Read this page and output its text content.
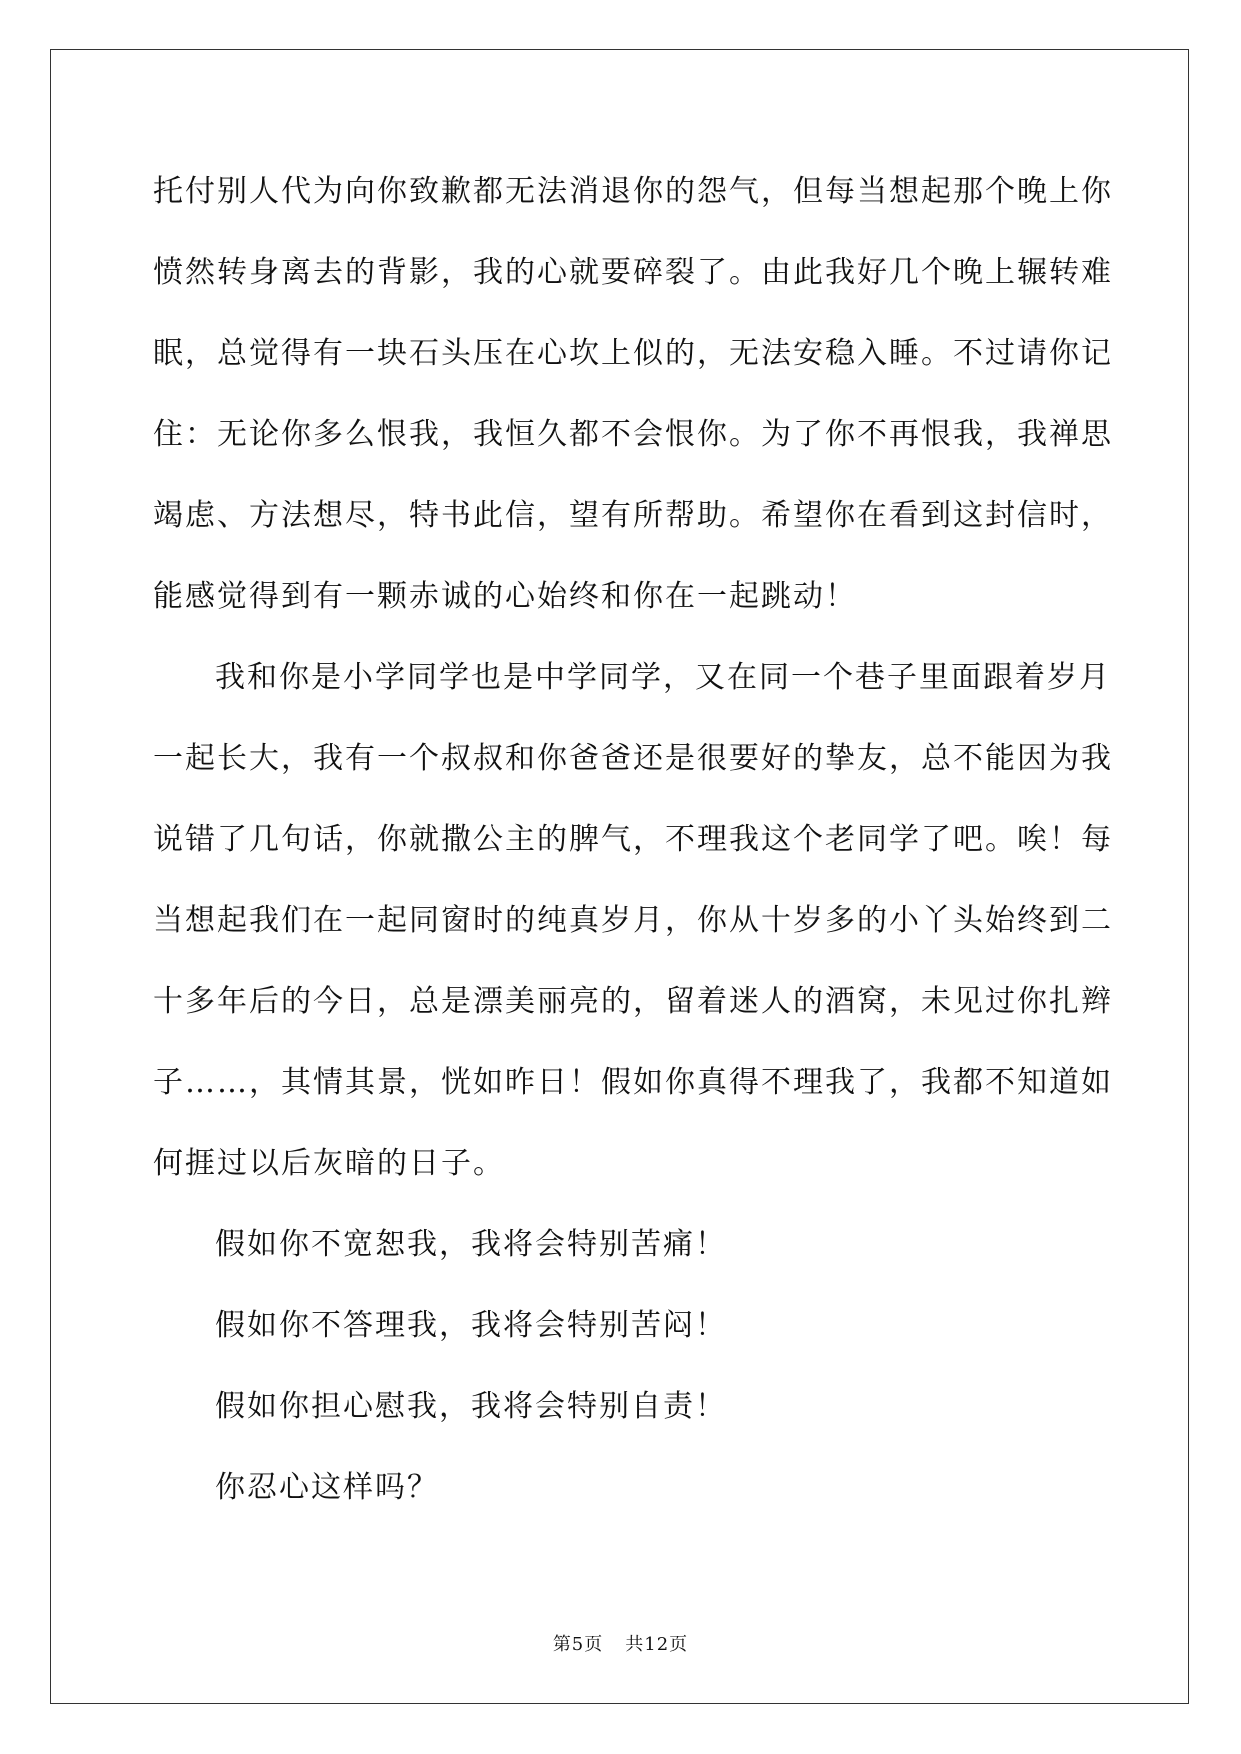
托付别人代为向你致歉都无法消退你的怨气，但每当想起那个晚上你
愤然转身离去的背影，我的心就要碎裂了。由此我好几个晚上辗转难
眠，总觉得有一块石头压在心坎上似的，无法安稳入睡。不过请你记
住：无论你多么恨我，我恒久都不会恨你。为了你不再恨我，我禅思
竭虑、方法想尽，特书此信，望有所帮助。希望你在看到这封信时，
能感觉得到有一颗赤诚的心始终和你在一起跳动！
我和你是小学同学也是中学同学，又在同一个巷子里面跟着岁月
一起长大，我有一个叔叔和你爸爸还是很要好的挚友，总不能因为我
说错了几句话，你就撒公主的脾气，不理我这个老同学了吧。唉！每
当想起我们在一起同窗时的纯真岁月，你从十岁多的小丫头始终到二
十多年后的今日，总是漂美丽亮的，留着迷人的酒窝，未见过你扎辫
子……，其情其景，恍如昨日！假如你真得不理我了，我都不知道如
何捱过以后灰暗的日子。
假如你不宽恕我，我将会特别苦痛！
假如你不答理我，我将会特别苦闷！
假如你担心慰我，我将会特别自责！
你忍心这样吗？
第5页 共12页
